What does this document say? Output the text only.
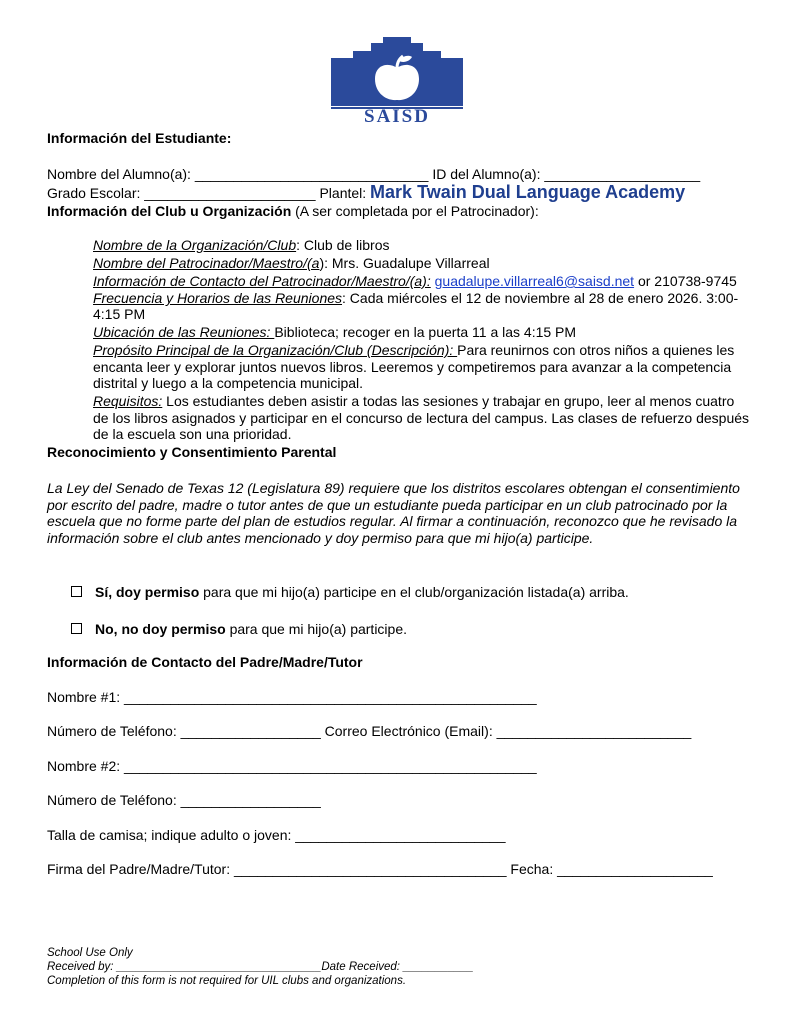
SAISD
Información del Estudiante:
Nombre del Alumno(a): ______________________________ ID del Alumno(a): ____________________
Grado Escolar: ______________________ Plantel: Mark Twain Dual Language Academy
Información del Club u Organización (A ser completada por el Patrocinador):
Nombre de la Organización/Club: Club de libros
Nombre del Patrocinador/Maestro/(a): Mrs. Guadalupe Villarreal
Información de Contacto del Patrocinador/Maestro/(a): guadalupe.villarreal6@saisd.net or 210738-9745
Frecuencia y Horarios de las Reuniones: Cada miércoles el 12 de noviembre al 28 de enero 2026. 3:00-4:15 PM
Ubicación de las Reuniones: Biblioteca; recoger en la puerta 11 a las 4:15 PM
Propósito Principal de la Organización/Club (Descripción): Para reunirnos con otros niños a quienes les encanta leer y explorar juntos nuevos libros. Leeremos y competiremos para avanzar a la competencia distrital y luego a la competencia municipal.
Requisitos: Los estudiantes deben asistir a todas las sesiones y trabajar en grupo, leer al menos cuatro de los libros asignados y participar en el concurso de lectura del campus. Las clases de refuerzo después de la escuela son una prioridad.
Reconocimiento y Consentimiento Parental
La Ley del Senado de Texas 12 (Legislatura 89) requiere que los distritos escolares obtengan el consentimiento por escrito del padre, madre o tutor antes de que un estudiante pueda participar en un club patrocinado por la escuela que no forme parte del plan de estudios regular. Al firmar a continuación, reconozco que he revisado la información sobre el club antes mencionado y doy permiso para que mi hijo(a) participe.
Sí, doy permiso para que mi hijo(a) participe en el club/organización listada(a) arriba.
No, no doy permiso para que mi hijo(a) participe.
Información de Contacto del Padre/Madre/Tutor
Nombre #1: _____________________________________________________
Número de Teléfono: __________________ Correo Electrónico (Email): _________________________
Nombre #2: _____________________________________________________
Número de Teléfono: __________________
Talla de camisa; indique adulto o joven: ___________________________
Firma del Padre/Madre/Tutor: ___________________________________ Fecha: ____________________
School Use Only
Received by: ________________________________Date Received: ___________
Completion of this form is not required for UIL clubs and organizations.
